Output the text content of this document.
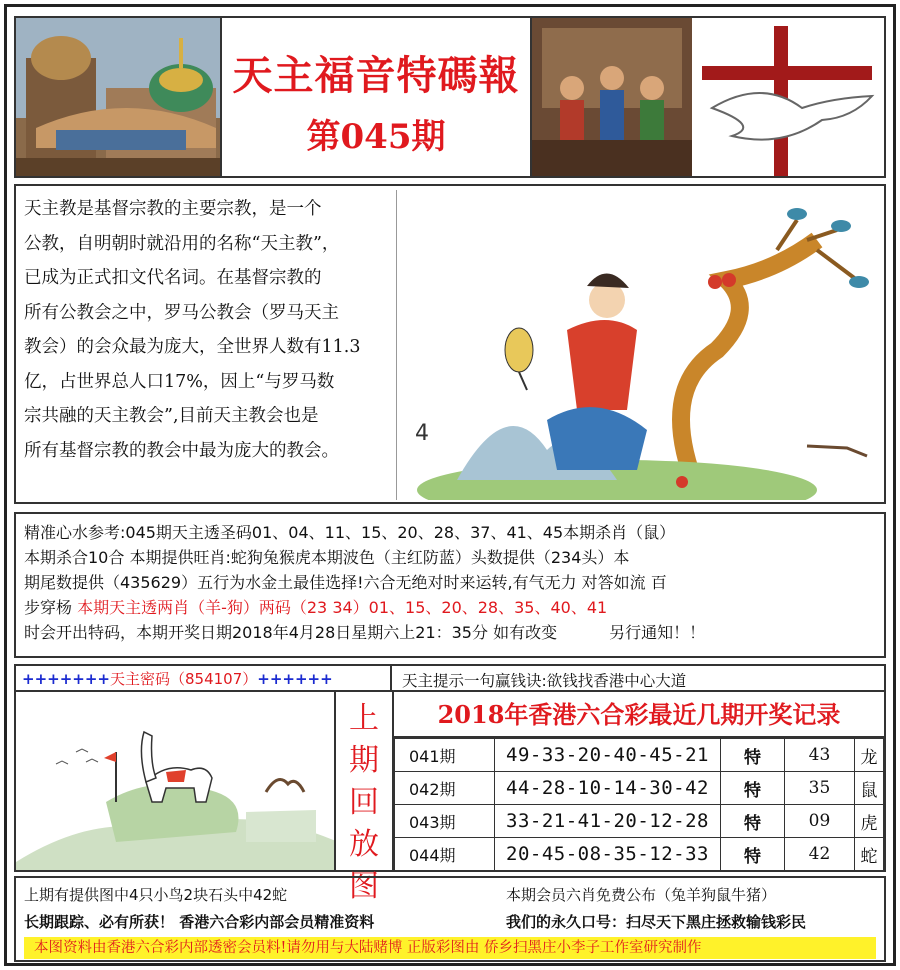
天主福音特碼報
第045期
天主教是基督宗教的主要宗教，是一个
公教，自明朝时就沿用的名称“天主教”，
已成为正式扣文代名词。在基督宗教的
所有公教会之中，罗马公教会（罗马天主
教会）的会众最为庞大，全世界人数有11.3
亿，占世界总人口17%，因上“与罗马数
宗共融的天主教会”,目前天主教会也是
所有基督宗教的教会中最为庞大的教会。
4
精准心水参考:045期天主透圣码01、04、11、15、20、28、37、41、45本期杀肖（鼠）
本期杀合10合 本期提供旺肖:蛇狗兔猴虎本期波色（主红防蓝）头数提供（234头）本
期尾数提供（435629）五行为水金土最佳选择!六合无绝对时来运转,有气无力 对答如流 百
步穿杨 本期天主透两肖（羊-狗）两码（23 34）01、15、20、28、35、40、41
时会开出特码，本期开奖日期2018年4月28日星期六上21：35分 如有改变	另行通知！！
+++++++天主密码（854107）++++++	天主提示一句赢钱诀:欲钱找香港中心大道
上
期
回
放
图
2018年香港六合彩最近几期开奖记录
041期	49-33-20-40-45-21	特	43	龙
042期	44-28-10-14-30-42	特	35	鼠
043期	33-21-41-20-12-28	特	09	虎
044期	20-45-08-35-12-33	特	42	蛇
上期有提供图中4只小鸟2块石头中42蛇	本期会员六肖免费公布（兔羊狗鼠牛猪）
长期跟踪、必有所获！ 香港六合彩内部会员精准资料	我们的永久口号：扫尽天下黑庄拯救输钱彩民
本图资料由香港六合彩内部透密会员料!请勿用与大陆赌博 正版彩图由 侨乡扫黑庄小李子工作室研究制作
